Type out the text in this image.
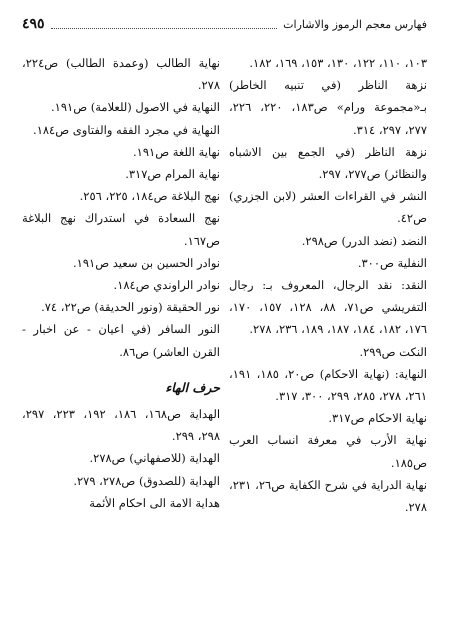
فهارس معجم الرموز والاشارات
٤٩٥

١٠٣، ١١٠، ١٢٢، ١٣٠، ١٥٣، ١٦٩، ١٨٢.

نزهة الناظر (في تنبيه الخاطر) بـ«مجموعة ورام» ص١٨٣، ٢٢٠، ٢٢٦، ٢٧٧، ٢٩٧، ٣١٤.

نزهة الناظر (في الجمع بين الاشباه والنظائر) ص٢٧٧، ٢٩٧.

النشر في القراءات العشر (لابن الجزري) ص٤٢.

النضد (نضد الدرر) ص٢٩٨.

النفلية ص٣٠٠.

النقد: نقد الرجال، المعروف بـ: رجال التفريشي ص٧١، ٨٨، ١٢٨، ١٥٧، ١٧٠، ١٧٦، ١٨٢، ١٨٤، ١٨٧، ١٨٩، ٢٣٦، ٢٧٨.

النكت ص٢٩٩.

النهاية: (نهاية الاحكام) ص٢٠، ١٨٥، ١٩١، ٢٦١، ٢٧٨، ٢٨٥، ٢٩٩، ٣٠٠، ٣١٧.

نهاية الاحكام ص٣١٧.

نهاية الأرب في معرفة انساب العرب ص١٨٥.

نهاية الدراية في شرح الكفاية ص٢٦، ٢٣١، ٢٧٨.

نهاية الطالب (وعمدة الطالب) ص٢٢٤، ٢٧٨.

النهاية في الاصول (للعلامة) ص١٩١.

النهاية في مجرد الفقه والفتاوى ص١٨٤.

نهاية اللغة ص١٩١.

نهاية المرام ص٣١٧.

نهج البلاغة ص١٨٤، ٢٢٥، ٢٥٦.

نهج السعادة في استدراك نهج البلاغة ص١٦٧.

نوادر الحسين بن سعيد ص١٩١.

نوادر الراوندي ص١٨٤.

نور الحقيقة (ونور الحديقة) ص٢٢، ٧٤.

النور السافر (في اعيان - عن اخبار - القرن العاشر) ص٨٦.

حرف الهاء

الهداية ص١٦٨، ١٨٦، ١٩٢، ٢٢٣، ٢٩٧، ٢٩٨، ٢٩٩.

الهداية (للاصفهاني) ص٢٧٨.

الهداية (للصدوق) ص٢٧٨، ٢٧٩.

هداية الامة الى احكام الأئمة
